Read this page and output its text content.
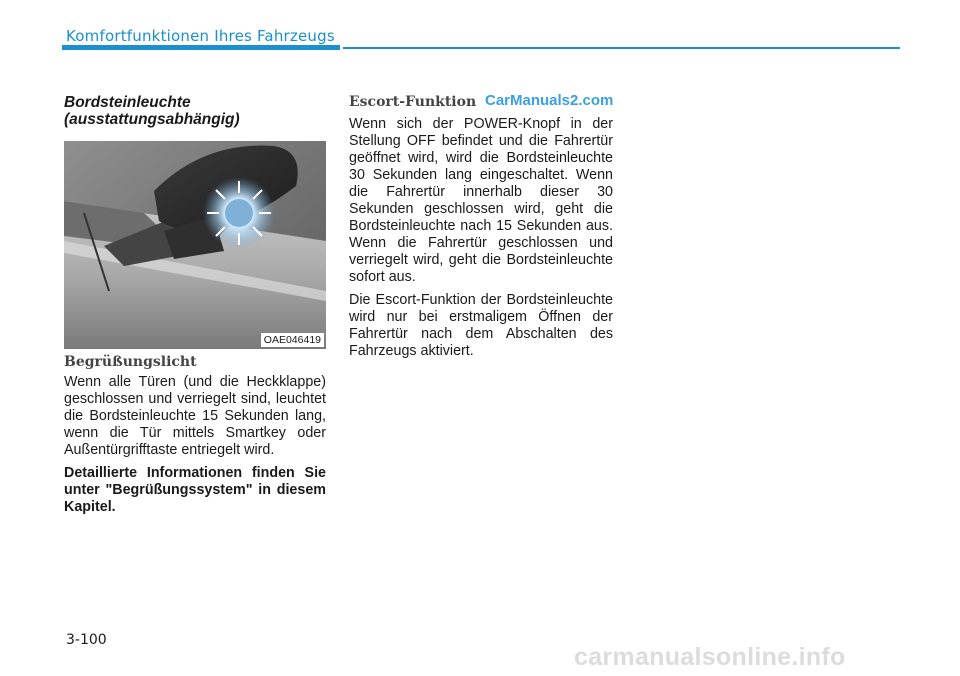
Komfortfunktionen Ihres Fahrzeugs
Bordsteinleuchte (ausstattungsabhängig)
OAE046419
Begrüßungslicht

Wenn alle Türen (und die Heckklappe) geschlossen und verriegelt sind, leuchtet die Bordsteinleuchte 15 Sekunden lang, wenn die Tür mittels Smartkey oder Außentürgrifftaste entriegelt wird.

Detaillierte Informationen finden Sie unter "Begrüßungssystem" in diesem Kapitel.

Escort-Funktion

Wenn sich der POWER-Knopf in der Stellung OFF befindet und die Fahrertür geöffnet wird, wird die Bordsteinleuchte 30 Sekunden lang eingeschaltet. Wenn die Fahrertür innerhalb dieser 30 Sekunden geschlossen wird, geht die Bordsteinleuchte nach 15 Sekunden aus. Wenn die Fahrertür geschlossen und verriegelt wird, geht die Bordsteinleuchte sofort aus.

Die Escort-Funktion der Bordsteinleuchte wird nur bei erstmaligem Öffnen der Fahrertür nach dem Abschalten des Fahrzeugs aktiviert.

CarManuals2.com
3-100
carmanualsonline.info
